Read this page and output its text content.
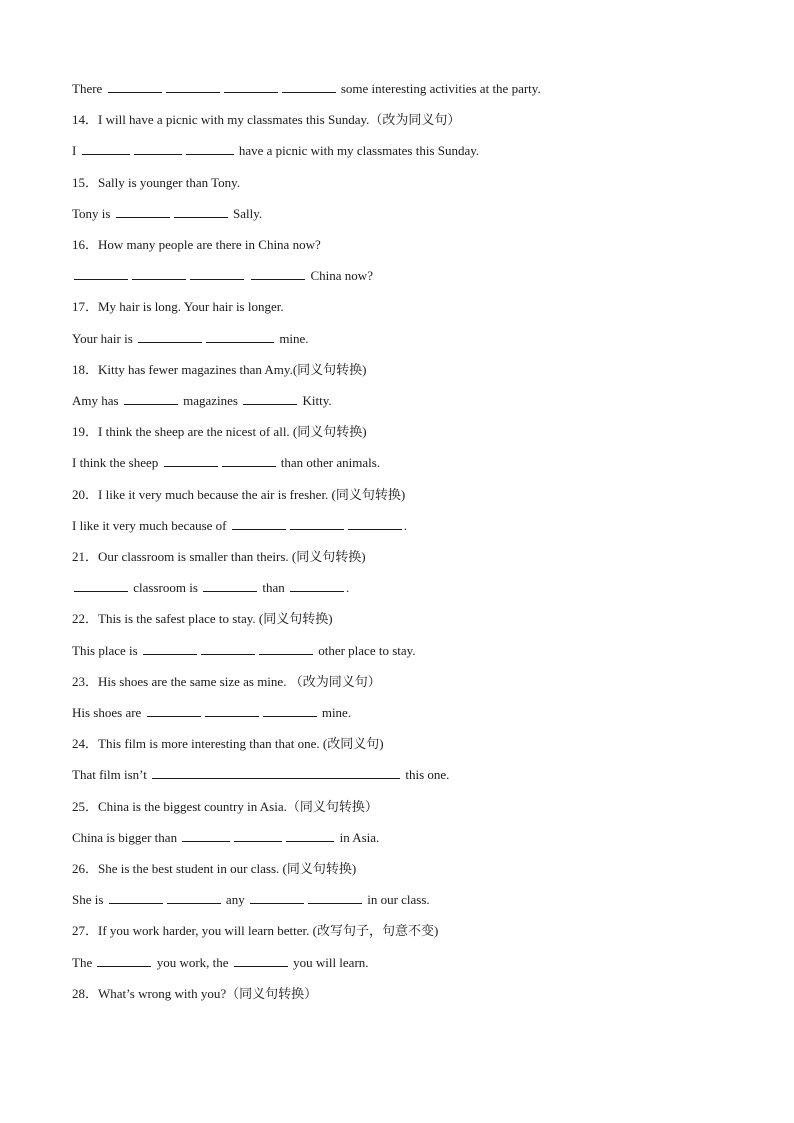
There	some interesting activities at the party.
14．I will have a picnic with my classmates this Sunday.（改为同义句）
I	have a picnic with my classmates this Sunday.
15．Sally is younger than Tony.
Tony is	Sally.
16．How many people are there in China now?
China now?
17．My hair is long. Your hair is longer.
Your hair is	mine.
18．Kitty has fewer magazines than Amy.(同义句转换)
Amy has	magazines	Kitty.
19．I think the sheep are the nicest of all. (同义句转换)
I think the sheep	than other animals.
20．I like it very much because the air is fresher. (同义句转换)
I like it very much because of	.
21．Our classroom is smaller than theirs. (同义句转换)
classroom is	than	.
22．This is the safest place to stay. (同义句转换)
This place is	other place to stay.
23．His shoes are the same size as mine. （改为同义句）
His shoes are	mine.
24．This film is more interesting than that one. (改同义句)
That film isn’t	this one.
25．China is the biggest country in Asia.（同义句转换）
China is bigger than	in Asia.
26．She is the best student in our class. (同义句转换)
She is	any	in our class.
27．If you work harder, you will learn better. (改写句子，句意不变)
The	you work, the	you will learn.
28．What’s wrong with you?（同义句转换）
